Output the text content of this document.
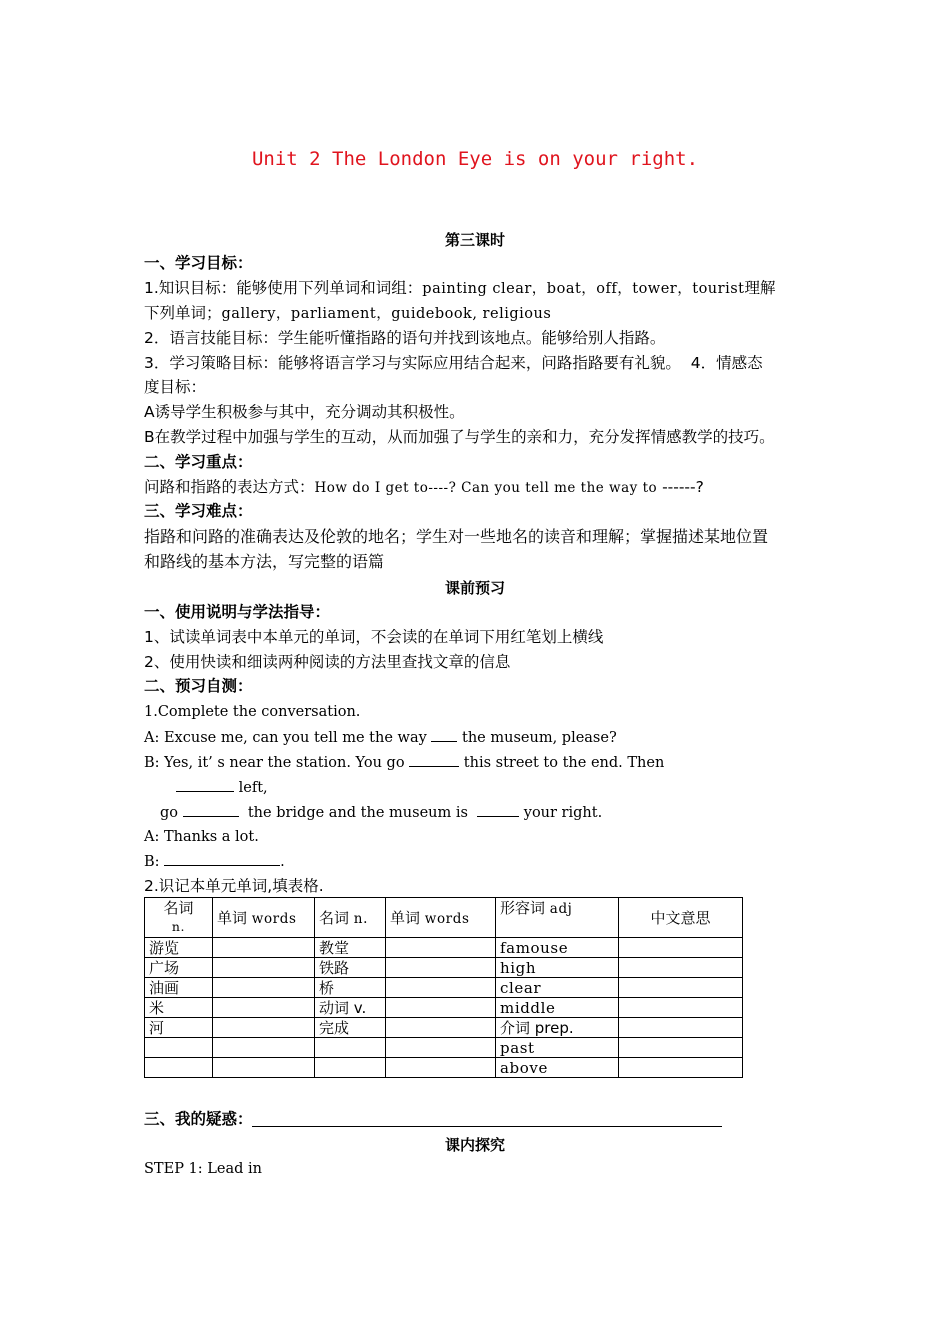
Unit 2 The London Eye is on your right.
第三课时
一、学习目标：
1.知识目标：能够使用下列单词和词组：painting clear，boat，off，tower，tourist理解
下列单词；gallery，parliament，guidebook, religious
2．语言技能目标：学生能听懂指路的语句并找到该地点。能够给别人指路。
3．学习策略目标：能够将语言学习与实际应用结合起来，问路指路要有礼貌。 4．情感态
度目标：
A诱导学生积极参与其中，充分调动其积极性。
B在教学过程中加强与学生的互动，从而加强了与学生的亲和力，充分发挥情感教学的技巧。
二、学习重点：
问路和指路的表达方式：How do I get to----? Can you tell me the way to ------?
三、学习难点：
指路和问路的准确表达及伦敦的地名；学生对一些地名的读音和理解；掌握描述某地位置
和路线的基本方法，写完整的语篇
课前预习
一、使用说明与学法指导：
1、试读单词表中本单元的单词，不会读的在单词下用红笔划上横线
2、使用快读和细读两种阅读的方法里查找文章的信息
二、预习自测：
1.Complete the conversation.
A: Excuse me, can you tell me the way the museum, please?
B: Yes, it’ s near the station. You go	this street to the end. Then
left,
go	the bridge and the museum is	your right.
A: Thanks a lot.
B:	.
2.识记本单元单词,填表格.
名词
n.	单词 words	名词 n.	单词 words	形容词 adj	中文意思
游览		教堂		famouse	
广场		铁路		high	
油画		桥		clear	
米		动词 v.		middle	
河		完成		介词 prep.	
				past	
				above	
三、我的疑惑：
课内探究
STEP 1: Lead in
